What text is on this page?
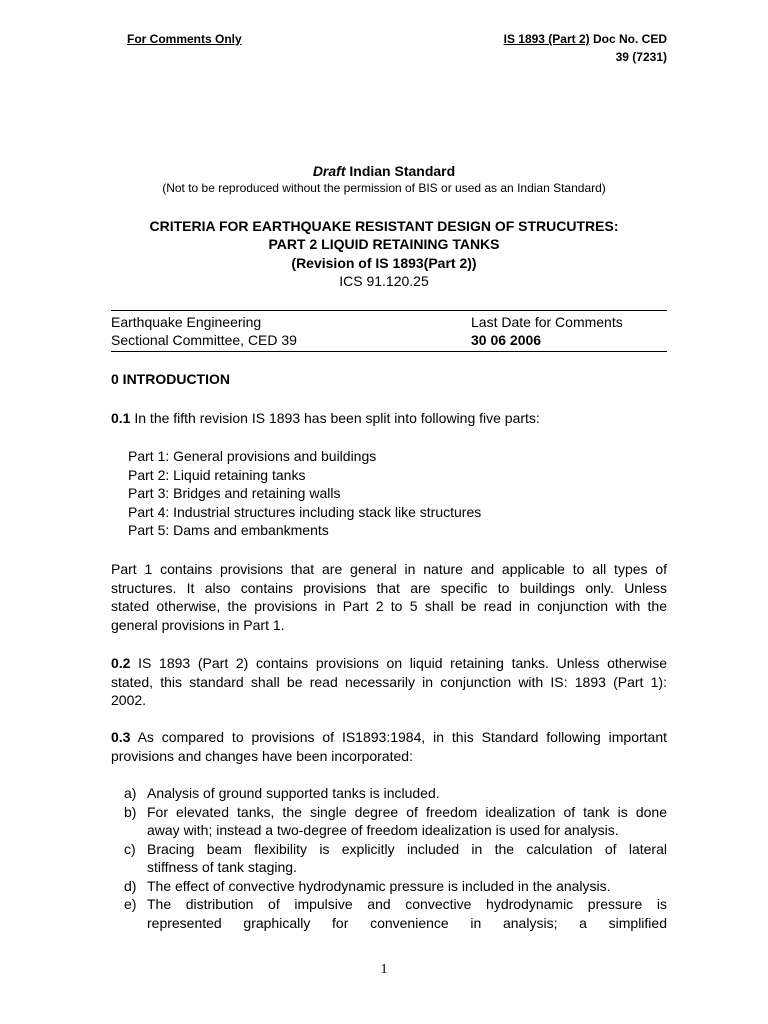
For Comments Only	IS 1893 (Part 2) Doc No. CED
39 (7231)
Draft Indian Standard
(Not to be reproduced without the permission of BIS or used as an Indian Standard)
CRITERIA FOR EARTHQUAKE RESISTANT DESIGN OF STRUCUTRES:
PART 2 LIQUID RETAINING TANKS
(Revision of IS 1893(Part 2))
ICS 91.120.25
Earthquake Engineering
Sectional Committee, CED 39
Last Date for Comments
30 06 2006
0 INTRODUCTION
0.1 In the fifth revision IS 1893 has been split into following five parts:
Part 1: General provisions and buildings
Part 2: Liquid retaining tanks
Part 3: Bridges and retaining walls
Part 4: Industrial structures including stack like structures
Part 5: Dams and embankments
Part 1 contains provisions that are general in nature and applicable to all types of
structures. It also contains provisions that are specific to buildings only. Unless
stated otherwise, the provisions in Part 2 to 5 shall be read in conjunction with the
general provisions in Part 1.
0.2 IS 1893 (Part 2) contains provisions on liquid retaining tanks. Unless otherwise
stated, this standard shall be read necessarily in conjunction with IS: 1893 (Part 1):
2002.
0.3 As compared to provisions of IS1893:1984, in this Standard following important
provisions and changes have been incorporated:
a) Analysis of ground supported tanks is included.
b) For elevated tanks, the single degree of freedom idealization of tank is done
away with; instead a two-degree of freedom idealization is used for analysis.
c) Bracing beam flexibility is explicitly included in the calculation of lateral
stiffness of tank staging.
d) The effect of convective hydrodynamic pressure is included in the analysis.
e) The distribution of impulsive and convective hydrodynamic pressure is
represented graphically for convenience in analysis; a simplified
1
